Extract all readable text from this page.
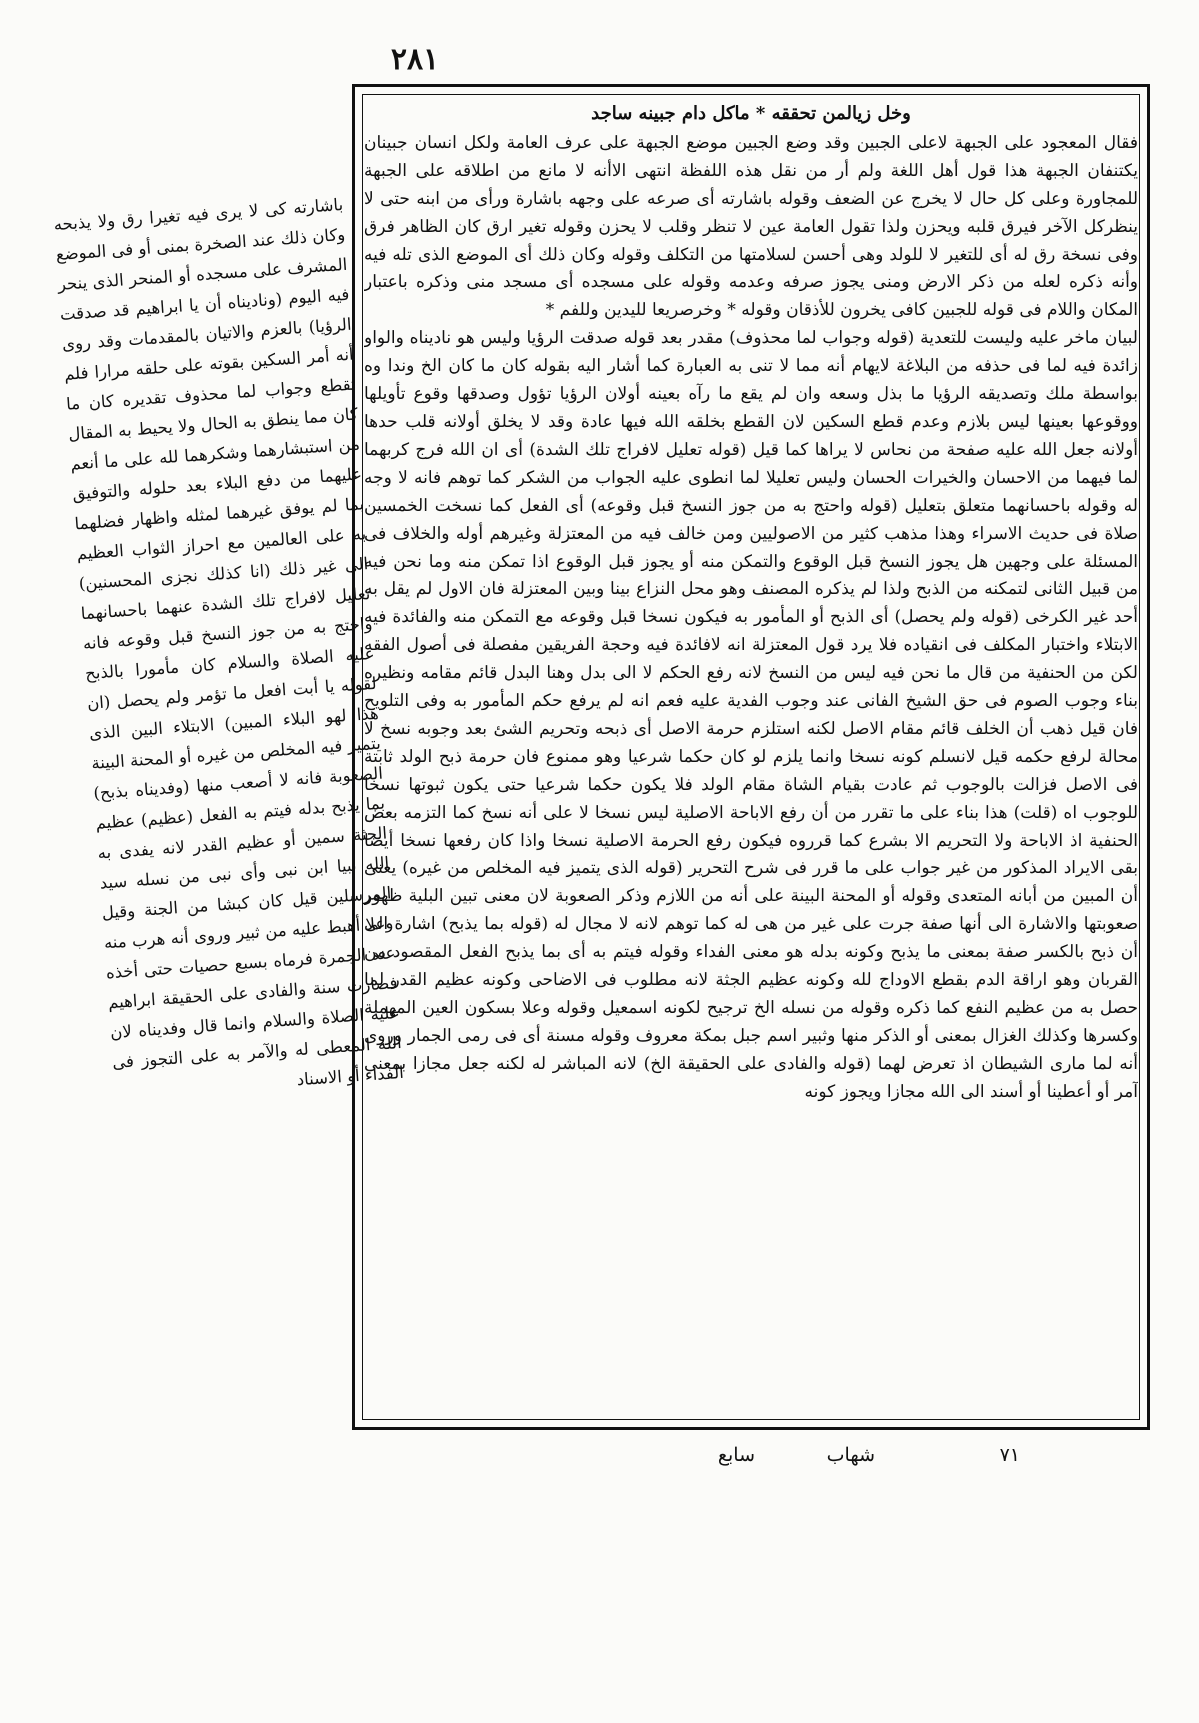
٢٨١
وخل زيالمن تحققه * ماكل دام جبينه ساجد
فقال المعجود على الجبهة لاعلى الجبين وقد وضع الجبين موضع الجبهة على عرف العامة ولكل انسان جبينان يكتنفان الجبهة هذا قول أهل اللغة ولم أر من نقل هذه اللفظة انتهى الاأنه لا مانع من اطلاقه على الجبهة للمجاورة وعلى كل حال لا يخرج عن الضعف وقوله باشارته أى صرعه على وجهه باشارة ورأى من ابنه حتى لا ينظركل الآخر فيرق قلبه ويحزن ولذا تقول العامة عين لا تنظر وقلب لا يحزن وقوله تغير ارق كان الظاهر فرق وفى نسخة رق له أى للتغير لا للولد وهى أحسن لسلامتها من التكلف وقوله وكان ذلك أى الموضع الذى تله فيه وأنه ذكره لعله من ذكر الارض ومنى يجوز صرفه وعدمه وقوله على مسجده أى مسجد منى وذكره باعتبار المكان واللام فى قوله للجبين كافى يخرون للأذقان وقوله * وخرصريعا لليدين وللفم *
لبيان ماخر عليه وليست للتعدية (قوله وجواب لما محذوف) مقدر بعد قوله صدقت الرؤيا وليس هو ناديناه والواو زائدة فيه لما فى حذفه من البلاغة لايهام أنه مما لا تنى به العبارة كما أشار اليه بقوله كان ما كان الخ وندا وه بواسطة ملك وتصديقه الرؤيا ما بذل وسعه وان لم يقع ما رآه بعينه أولان الرؤيا تؤول وصدقها وقوع تأويلها ووقوعها بعينها ليس بلازم وعدم قطع السكين لان القطع بخلقه الله فيها عادة وقد لا يخلق أولانه قلب حدها أولانه جعل الله عليه صفحة من نحاس لا يراها كما قيل (قوله تعليل لافراج تلك الشدة) أى ان الله فرج كربهما لما فيهما من الاحسان والخيرات الحسان وليس تعليلا لما انطوى عليه الجواب من الشكر كما توهم فانه لا وجه له وقوله باحسانهما متعلق بتعليل (قوله واحتج به من جوز النسخ قبل وقوعه) أى الفعل كما نسخت الخمسين صلاة فى حديث الاسراء وهذا مذهب كثير من الاصوليين ومن خالف فيه من المعتزلة وغيرهم أوله والخلاف فى المسئلة على وجهين هل يجوز النسخ قبل الوقوع والتمكن منه أو يجوز قبل الوقوع اذا تمكن منه وما نحن فيه من قبيل الثانى لتمكنه من الذبح ولذا لم يذكره المصنف وهو محل النزاع بينا وبين المعتزلة فان الاول لم يقل به أحد غير الكرخى (قوله ولم يحصل) أى الذبح أو المأمور به فيكون نسخا قبل وقوعه مع التمكن منه والفائدة فيه الابتلاء واختبار المكلف فى انقياده فلا يرد قول المعتزلة انه لافائدة فيه وحجة الفريقين مفصلة فى أصول الفقه لكن من الحنفية من قال ما نحن فيه ليس من النسخ لانه رفع الحكم لا الى بدل وهنا البدل قائم مقامه ونظيره بناء وجوب الصوم فى حق الشيخ الفانى عند وجوب الفدية عليه فعم انه لم يرفع حكم المأمور به وفى التلويح فان قيل ذهب أن الخلف قائم مقام الاصل لكنه استلزم حرمة الاصل أى ذبحه وتحريم الشئ بعد وجوبه نسخ لا محالة لرفع حكمه قيل لانسلم كونه نسخا وانما يلزم لو كان حكما شرعيا وهو ممنوع فان حرمة ذبح الولد ثابتة فى الاصل فزالت بالوجوب ثم عادت بقيام الشاة مقام الولد فلا يكون حكما شرعيا حتى يكون ثبوتها نسخا للوجوب اه (قلت) هذا بناء على ما تقرر من أن رفع الاباحة الاصلية ليس نسخا لا على أنه نسخ كما التزمه بعض الحنفية اذ الاباحة ولا التحريم الا بشرع كما قرروه فيكون رفع الحرمة الاصلية نسخا واذا كان رفعها نسخا أيضا بقى الايراد المذكور من غير جواب على ما قرر فى شرح التحرير (قوله الذى يتميز فيه المخلص من غيره) يعنى أن المبين من أبانه المتعدى وقوله أو المحنة البينة على أنه من اللازم وذكر الصعوبة لان معنى تبين البلية ظهور صعوبتها والاشارة الى أنها صفة جرت على غير من هى له كما توهم لانه لا مجال له (قوله بما يذبح) اشارة الى أن ذبح بالكسر صفة بمعنى ما يذبح وكونه بدله هو معنى الفداء وقوله فيتم به أى بما يذبح الفعل المقصود من القربان وهو اراقة الدم بقطع الاوداج لله وكونه عظيم الجثة لانه مطلوب فى الاضاحى وكونه عظيم القدر لما حصل به من عظيم النفع كما ذكره وقوله من نسله الخ ترجيح لكونه اسمعيل وقوله وعلا بسكون العين المهملة وكسرها وكذلك الغزال بمعنى أو الذكر منها وثبير اسم جبل بمكة معروف وقوله مسنة أى فى رمى الجمار وروى أنه لما مارى الشيطان اذ تعرض لهما (قوله والفادى على الحقيقة الخ) لانه المباشر له لكنه جعل مجازا بمعنى آمر أو أعطينا أو أسند الى الله مجازا ويجوز كونه
باشارته كى لا يرى فيه تغيرا رق ولا يذبحه وكان ذلك عند الصخرة بمنى أو فى الموضع المشرف على مسجده أو المنحر الذى ينحر فيه اليوم (وناديناه أن يا ابراهيم قد صدقت الرؤيا) بالعزم والاتيان بالمقدمات وقد روى أنه أمر السكين بقوته على حلقه مرارا فلم تقطع وجواب لما محذوف تقديره كان ما كان مما ينطق به الحال ولا يحيط به المقال من استبشارهما وشكرهما لله على ما أنعم عليهما من دفع البلاء بعد حلوله والتوفيق بما لم يوفق غيرهما لمثله واظهار فضلهما به على العالمين مع احراز الثواب العظيم الى غير ذلك (انا كذلك نجزى المحسنين) تعليل لافراج تلك الشدة عنهما باحسانهما واحتج به من جوز النسخ قبل وقوعه فانه عليه الصلاة والسلام كان مأمورا بالذبح لقوله يا أبت افعل ما تؤمر ولم يحصل (ان هذا لهو البلاء المبين) الابتلاء البين الذى يتميز فيه المخلص من غيره أو المحنة البينة الصعوبة فانه لا أصعب منها (وفديناه بذبح) بما يذبح بدله فيتم به الفعل (عظيم) عظيم الجثة سمين أو عظيم القدر لانه يفدى به الله نبيا ابن نبى وأى نبى من نسله سيد المرسلين قيل كان كبشا من الجنة وقيل وعلا أهبط عليه من ثبير وروى أنه هرب منه عند الجمرة فرماه بسبع حصيات حتى أخذه فصارت سنة والفادى على الحقيقة ابراهيم عليه الصلاة والسلام وانما قال وفديناه لان الله المعطى له والآمر به على التجوز فى الفداء أو الاسناد
٧١
شهاب
سابع
